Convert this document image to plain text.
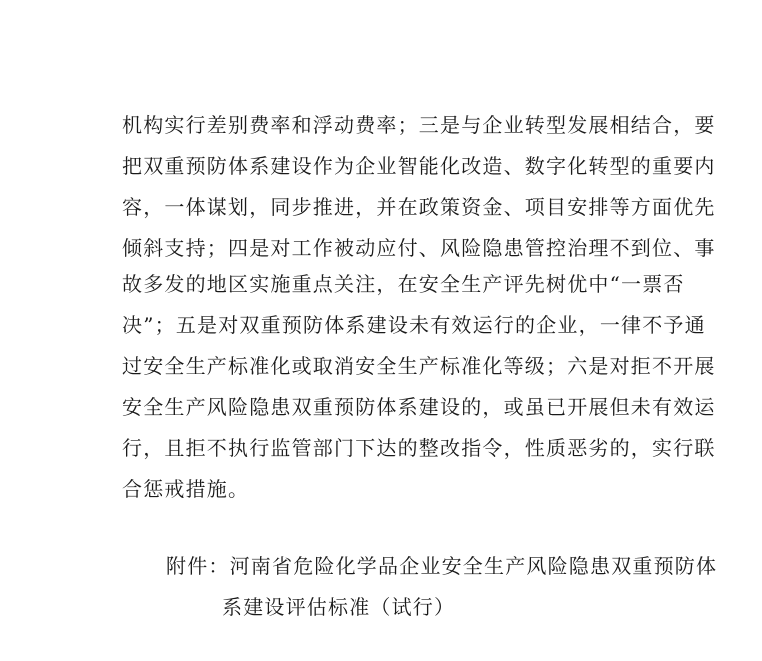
机构实行差别费率和浮动费率；三是与企业转型发展相结合，要
把双重预防体系建设作为企业智能化改造、数字化转型的重要内
容，一体谋划，同步推进，并在政策资金、项目安排等方面优先
倾斜支持；四是对工作被动应付、风险隐患管控治理不到位、事
故多发的地区实施重点关注，在安全生产评先树优中“一票否
决”；五是对双重预防体系建设未有效运行的企业，一律不予通
过安全生产标准化或取消安全生产标准化等级；六是对拒不开展
安全生产风险隐患双重预防体系建设的，或虽已开展但未有效运
行，且拒不执行监管部门下达的整改指令，性质恶劣的，实行联
合惩戒措施。
附件：河南省危险化学品企业安全生产风险隐患双重预防体
系建设评估标准（试行）
